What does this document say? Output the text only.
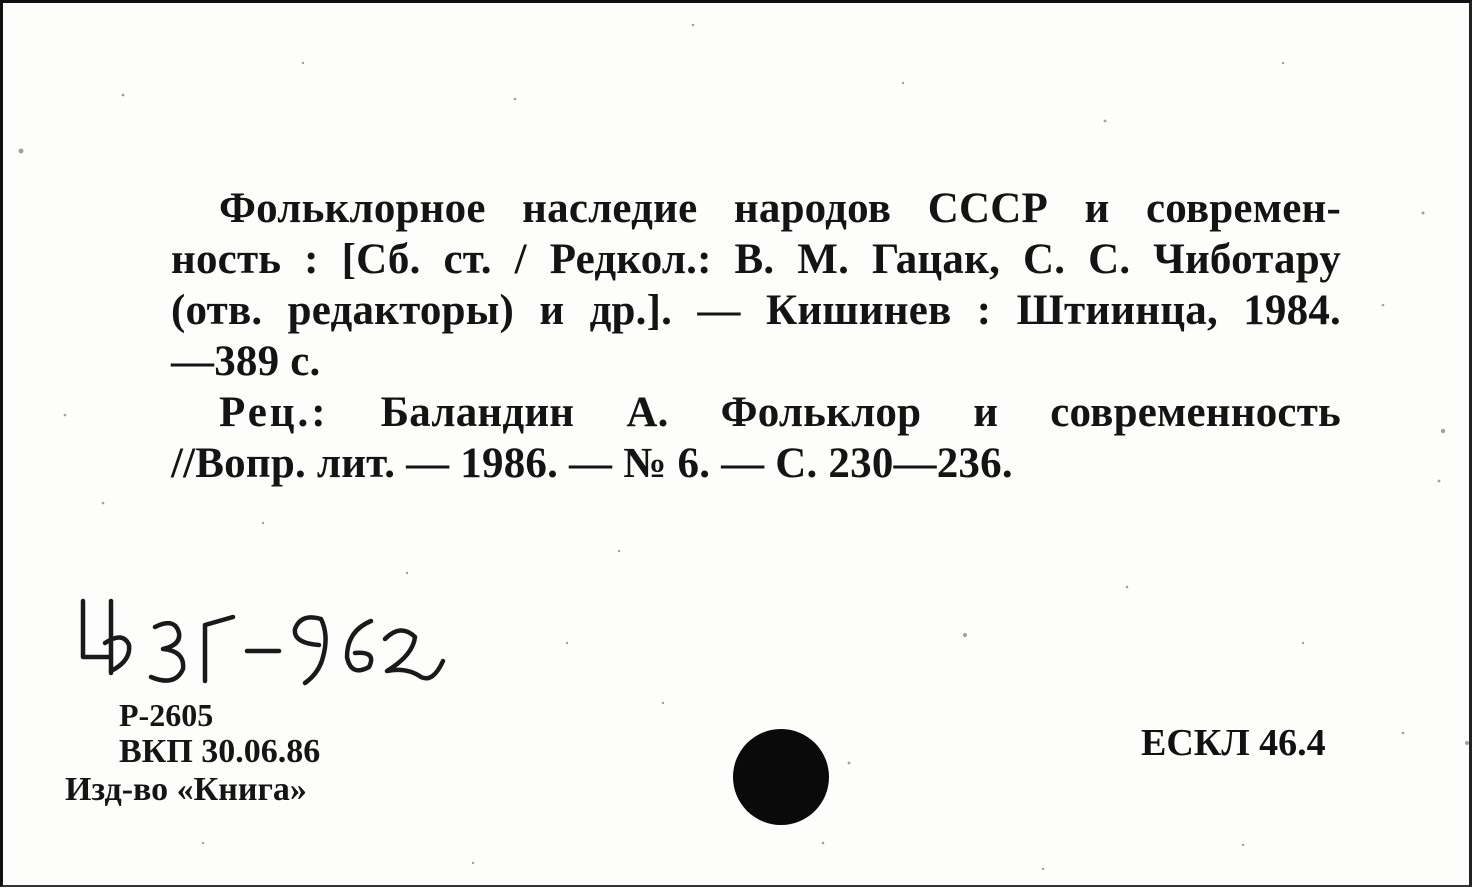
Фольклорное наследие народов СССР и современ-
ность : [Сб. ст. / Редкол.: В. М. Гацак, С. С. Чиботару
(отв. редакторы) и др.]. — Кишинев : Штиинца, 1984.
—389 с.
Рец.: Баландин А. Фольклор и современность
//Вопр. лит. — 1986. — № 6. — С. 230—236.
Р-2605
ВКП 30.06.86
Изд-во «Книга»
ЕСКЛ 46.4
